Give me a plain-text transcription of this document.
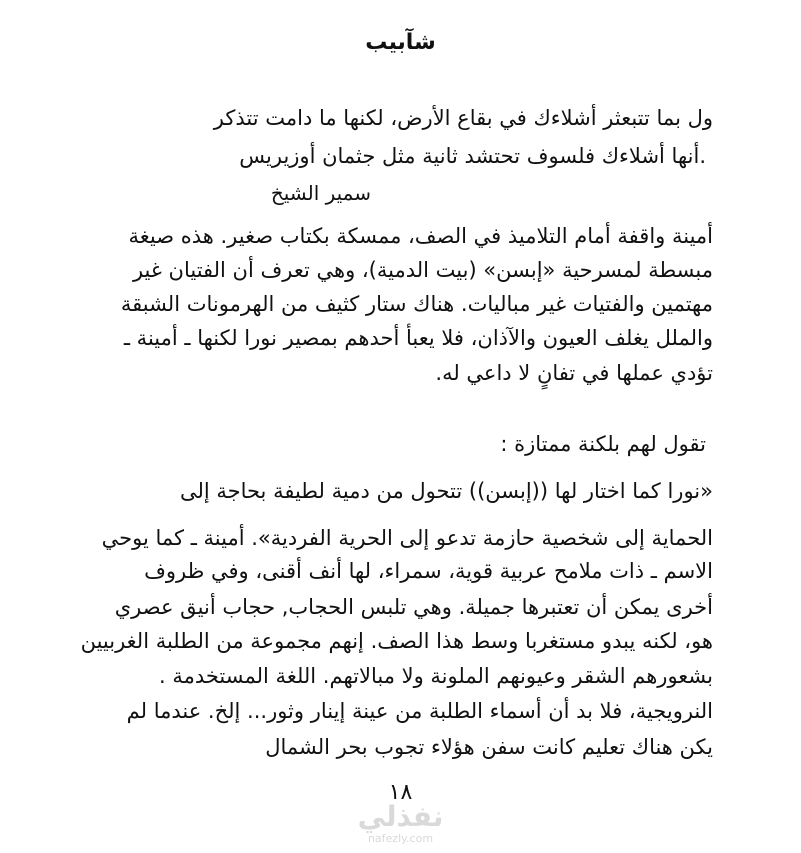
شآبيب
ول بما تتبعثر أشلاءك في بقاع الأرض، لكنها ما دامت تتذكر
.أنها أشلاءك فلسوف تحتشد ثانية مثل جثمان أوزيريس
سمير الشيخ
أمينة واقفة أمام التلاميذ في الصف، ممسكة بكتاب صغير. هذه صيغة
مبسطة لمسرحية «إبسن» (بيت الدمية)، وهي تعرف أن الفتيان غير
مهتمين والفتيات غير مباليات. هناك ستار كثيف من الهرمونات الشبقة
والملل يغلف العيون والآذان، فلا يعبأ أحدهم بمصير نورا لكنها ـ أمينة ـ
تؤدي عملها في تفانٍ لا داعي له.
تقول لهم بلكنة ممتازة :
«نورا كما اختار لها ((إبسن)) تتحول من دمية لطيفة بحاجة إلى
الحماية إلى شخصية حازمة تدعو إلى الحرية الفردية». أمينة ـ كما يوحي
الاسم ـ ذات ملامح عربية قوية، سمراء، لها أنف أقنى، وفي ظروف
أخرى يمكن أن تعتبرها جميلة. وهي تلبس الحجاب, حجاب أنيق عصري
هو، لكنه يبدو مستغربا وسط هذا الصف. إنهم مجموعة من الطلبة الغربيين
بشعورهم الشقر وعيونهم الملونة ولا مبالاتهم. اللغة المستخدمة .
النرويجية، فلا بد أن أسماء الطلبة من عينة إينار وثور... إلخ. عندما لم
يكن هناك تعليم كانت سفن هؤلاء تجوب بحر الشمال
١٨
نفذلي
nafezly.com
